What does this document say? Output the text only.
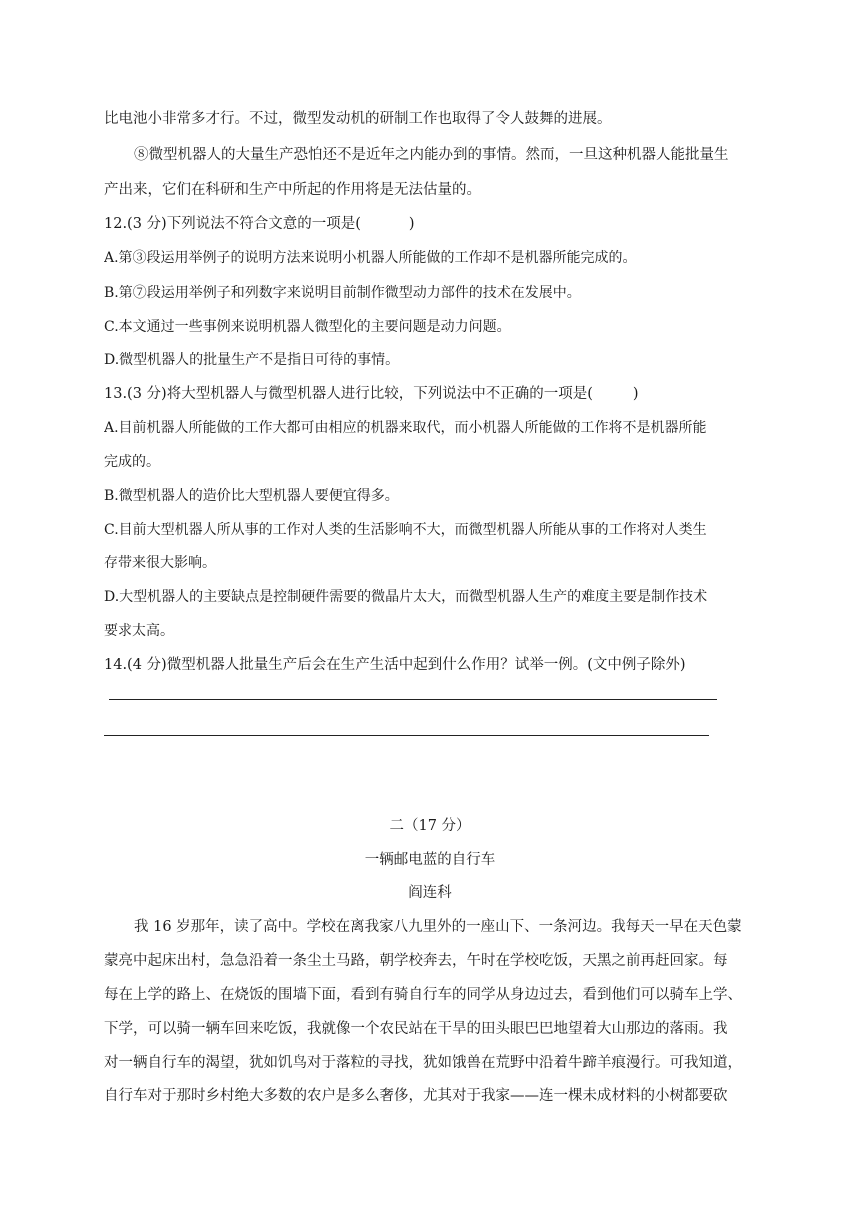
比电池小非常多才行。不过，微型发动机的研制工作也取得了令人鼓舞的进展。
⑧微型机器人的大量生产恐怕还不是近年之内能办到的事情。然而，一旦这种机器人能批量生
产出来，它们在科研和生产中所起的作用将是无法估量的。
12.(3 分)下列说法不符合文意的一项是(	)
A.第③段运用举例子的说明方法来说明小机器人所能做的工作却不是机器所能完成的。
B.第⑦段运用举例子和列数字来说明目前制作微型动力部件的技术在发展中。
C.本文通过一些事例来说明机器人微型化的主要问题是动力问题。
D.微型机器人的批量生产不是指日可待的事情。
13.(3 分)将大型机器人与微型机器人进行比较，下列说法中不正确的一项是(	)
A.目前机器人所能做的工作大都可由相应的机器来取代，而小机器人所能做的工作将不是机器所能
完成的。
B.微型机器人的造价比大型机器人要便宜得多。
C.目前大型机器人所从事的工作对人类的生活影响不大，而微型机器人所能从事的工作将对人类生
存带来很大影响。
D.大型机器人的主要缺点是控制硬件需要的微晶片太大，而微型机器人生产的难度主要是制作技术
要求太高。
14.(4 分)微型机器人批量生产后会在生产生活中起到什么作用？试举一例。(文中例子除外)
二（17 分）
一辆邮电蓝的自行车
阎连科
我 16 岁那年，读了高中。学校在离我家八九里外的一座山下、一条河边。我每天一早在天色蒙
蒙亮中起床出村，急急沿着一条尘土马路，朝学校奔去，午时在学校吃饭，天黑之前再赶回家。每
每在上学的路上、在烧饭的围墙下面，看到有骑自行车的同学从身边过去，看到他们可以骑车上学、
下学，可以骑一辆车回来吃饭，我就像一个农民站在干旱的田头眼巴巴地望着大山那边的落雨。我
对一辆自行车的渴望，犹如饥鸟对于落粒的寻找，犹如饿兽在荒野中沿着牛蹄羊痕漫行。可我知道，
自行车对于那时乡村绝大多数的农户是多么奢侈，尤其对于我家——连一棵未成材料的小树都要砍
